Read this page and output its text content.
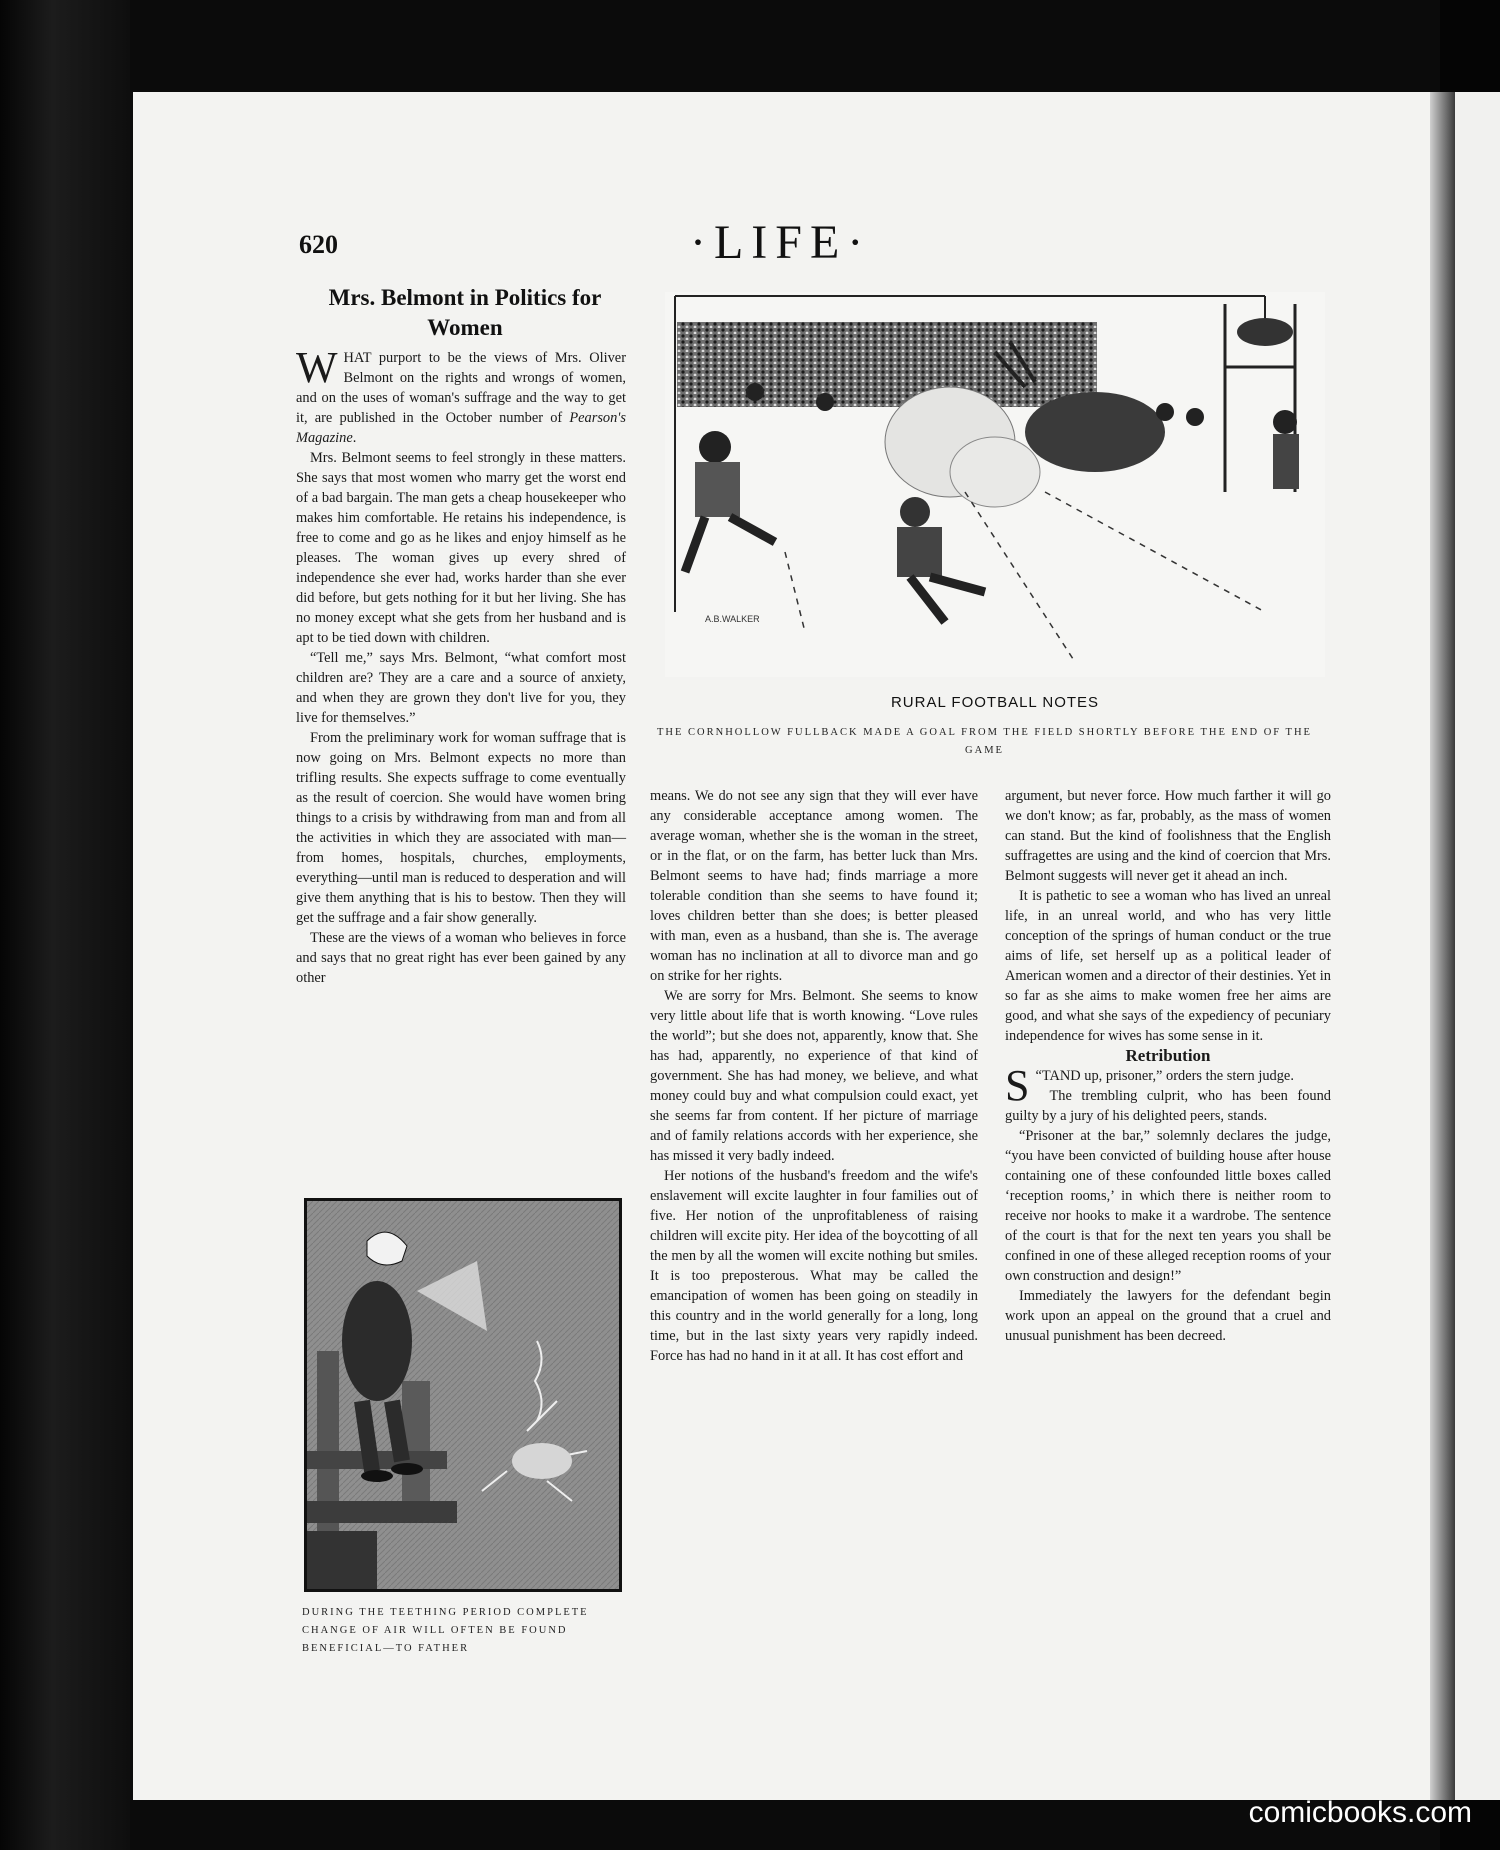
620	·LIFE·
Mrs. Belmont in Politics for Women

WHAT purport to be the views of Mrs. Oliver Belmont on the rights and wrongs of women, and on the uses of woman's suffrage and the way to get it, are published in the October number of Pearson's Magazine.

Mrs. Belmont seems to feel strongly in these matters. She says that most women who marry get the worst end of a bad bargain. The man gets a cheap housekeeper who makes him comfortable. He retains his independence, is free to come and go as he likes and enjoy himself as he pleases. The woman gives up every shred of independence she ever had, works harder than she ever did before, but gets nothing for it but her living. She has no money except what she gets from her husband and is apt to be tied down with children.

“Tell me,” says Mrs. Belmont, “what comfort most children are? They are a care and a source of anxiety, and when they are grown they don't live for you, they live for themselves.”

From the preliminary work for woman suffrage that is now going on Mrs. Belmont expects no more than trifling results. She expects suffrage to come eventually as the result of coercion. She would have women bring things to a crisis by withdrawing from man and from all the activities in which they are associated with man—from homes, hospitals, churches, employments, everything—until man is reduced to desperation and will give them anything that is his to bestow. Then they will get the suffrage and a fair show generally.

These are the views of a woman who believes in force and says that no great right has ever been gained by any other

A.B.WALKER
RURAL FOOTBALL NOTES
THE CORNHOLLOW FULLBACK MADE A GOAL FROM THE FIELD SHORTLY BEFORE THE END OF THE GAME
DURING THE TEETHING PERIOD COMPLETE CHANGE OF AIR WILL OFTEN BE FOUND BENEFICIAL—TO FATHER

means. We do not see any sign that they will ever have any considerable acceptance among women. The average woman, whether she is the woman in the street, or in the flat, or on the farm, has better luck than Mrs. Belmont seems to have had; finds marriage a more tolerable condition than she seems to have found it; loves children better than she does; is better pleased with man, even as a husband, than she is. The average woman has no inclination at all to divorce man and go on strike for her rights.

We are sorry for Mrs. Belmont. She seems to know very little about life that is worth knowing. “Love rules the world”; but she does not, apparently, know that. She has had, apparently, no experience of that kind of government. She has had money, we believe, and what money could buy and what compulsion could exact, yet she seems far from content. If her picture of marriage and of family relations accords with her experience, she has missed it very badly indeed.

Her notions of the husband's freedom and the wife's enslavement will excite laughter in four families out of five. Her notion of the unprofitableness of raising children will excite pity. Her idea of the boycotting of all the men by all the women will excite nothing but smiles. It is too preposterous. What may be called the emancipation of women has been going on steadily in this country and in the world generally for a long, long time, but in the last sixty years very rapidly indeed. Force has had no hand in it at all. It has cost effort and

argument, but never force. How much farther it will go we don't know; as far, probably, as the mass of women can stand. But the kind of foolishness that the English suffragettes are using and the kind of coercion that Mrs. Belmont suggests will never get it ahead an inch.

It is pathetic to see a woman who has lived an unreal life, in an unreal world, and who has very little conception of the springs of human conduct or the true aims of life, set herself up as a political leader of American women and a director of their destinies. Yet in so far as she aims to make women free her aims are good, and what she says of the expediency of pecuniary independence for wives has some sense in it.

Retribution

“
S TAND up, prisoner,” orders the stern judge.

The trembling culprit, who has been found guilty by a jury of his delighted peers, stands.

“Prisoner at the bar,” solemnly declares the judge, “you have been convicted of building house after house containing one of these confounded little boxes called ‘reception rooms,’ in which there is neither room to receive nor hooks to make it a wardrobe. The sentence of the court is that for the next ten years you shall be confined in one of these alleged reception rooms of your own construction and design!”

Immediately the lawyers for the defendant begin work upon an appeal on the ground that a cruel and unusual punishment has been decreed.

comicbooks.com
